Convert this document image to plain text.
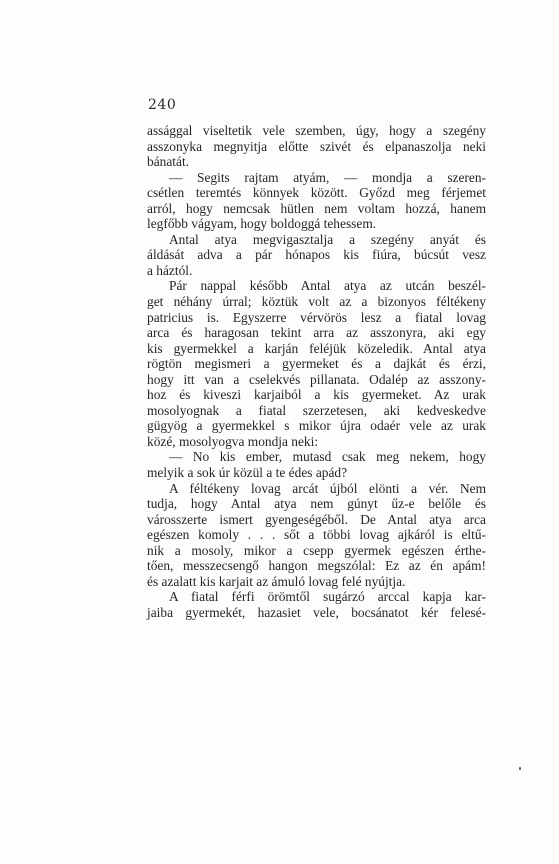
240
assággal viseltetik vele szemben, úgy, hogy a szegény
asszonyka megnyitja előtte szivét és elpanaszolja neki
bánatát.
— Segits rajtam atyám, — mondja a szeren-
csétlen teremtés könnyek között. Győzd meg férjemet
arról, hogy nemcsak hütlen nem voltam hozzá, hanem
legfőbb vágyam, hogy boldoggá tehessem.
Antal atya megvigasztalja a szegény anyát és
áldását adva a pár hónapos kis fiúra, búcsút vesz
a háztól.
Pár nappal később Antal atya az utcán beszél-
get néhány úrral; köztük volt az a bizonyos féltékeny
patricius is. Egyszerre vérvörös lesz a fiatal lovag
arca és haragosan tekint arra az asszonyra, aki egy
kis gyermekkel a karján feléjük közeledik. Antal atya
rögtön megismeri a gyermeket és a dajkát és érzi,
hogy itt van a cselekvés pillanata. Odalép az asszony-
hoz és kiveszi karjaiból a kis gyermeket. Az urak
mosolyognak a fiatal szerzetesen, aki kedveskedve
gügyög a gyermekkel s mikor újra odaér vele az urak
közé, mosolyogva mondja neki:
— No kis ember, mutasd csak meg nekem, hogy
melyik a sok úr közül a te édes apád?
A féltékeny lovag arcát újból elönti a vér. Nem
tudja, hogy Antal atya nem gúnyt űz-e belőle és
városszerte ismert gyengeségéből. De Antal atya arca
egészen komoly . . . sőt a többi lovag ajkáról is eltű-
nik a mosoly, mikor a csepp gyermek egészen érthe-
tően, messzecsengő hangon megszólal: Ez az én apám!
és azalatt kis karjait az ámuló lovag felé nyújtja.
A fiatal férfi örömtől sugárzó arccal kapja kar-
jaiba gyermekét, hazasiet vele, bocsánatot kér felesé-
